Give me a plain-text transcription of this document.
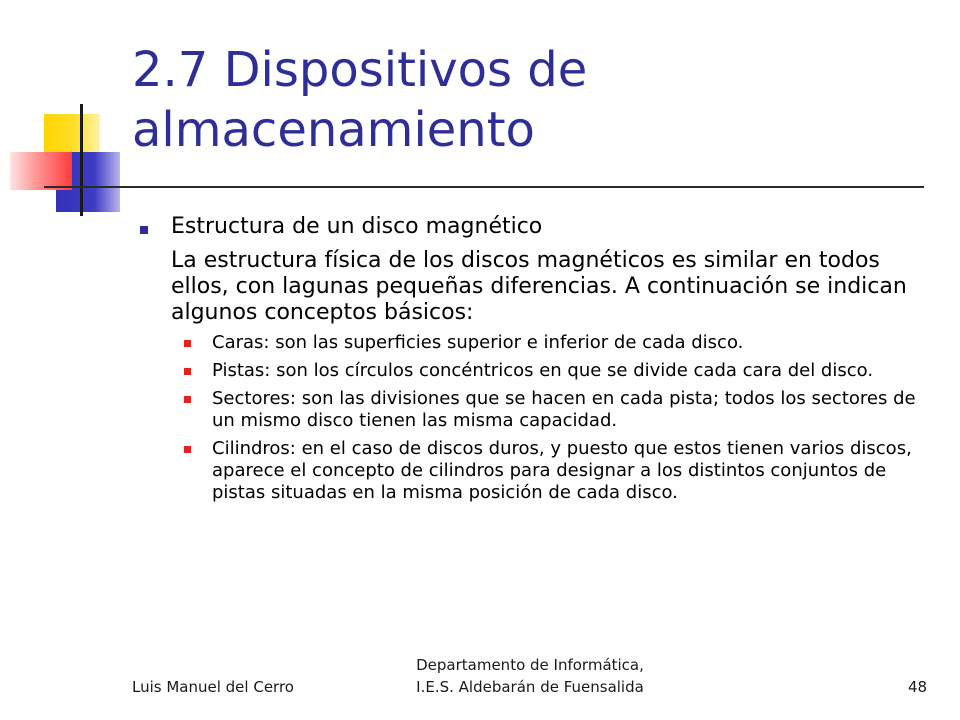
2.7 Dispositivos de almacenamiento
Estructura de un disco magnético
La estructura física de los discos magnéticos es similar en todos ellos, con lagunas pequeñas diferencias. A continuación se indican algunos conceptos básicos:
Caras: son las superficies superior e inferior de cada disco.
Pistas: son los círculos concéntricos en que se divide cada cara del disco.
Sectores: son las divisiones que se hacen en cada pista; todos los sectores de un mismo disco tienen las misma capacidad.
Cilindros: en el caso de discos duros, y puesto que estos tienen varios discos, aparece el concepto de cilindros para designar a los distintos conjuntos de pistas situadas en la misma posición de cada disco.
Luis Manuel del Cerro
Departamento de Informática,
I.E.S. Aldebarán de Fuensalida	48
